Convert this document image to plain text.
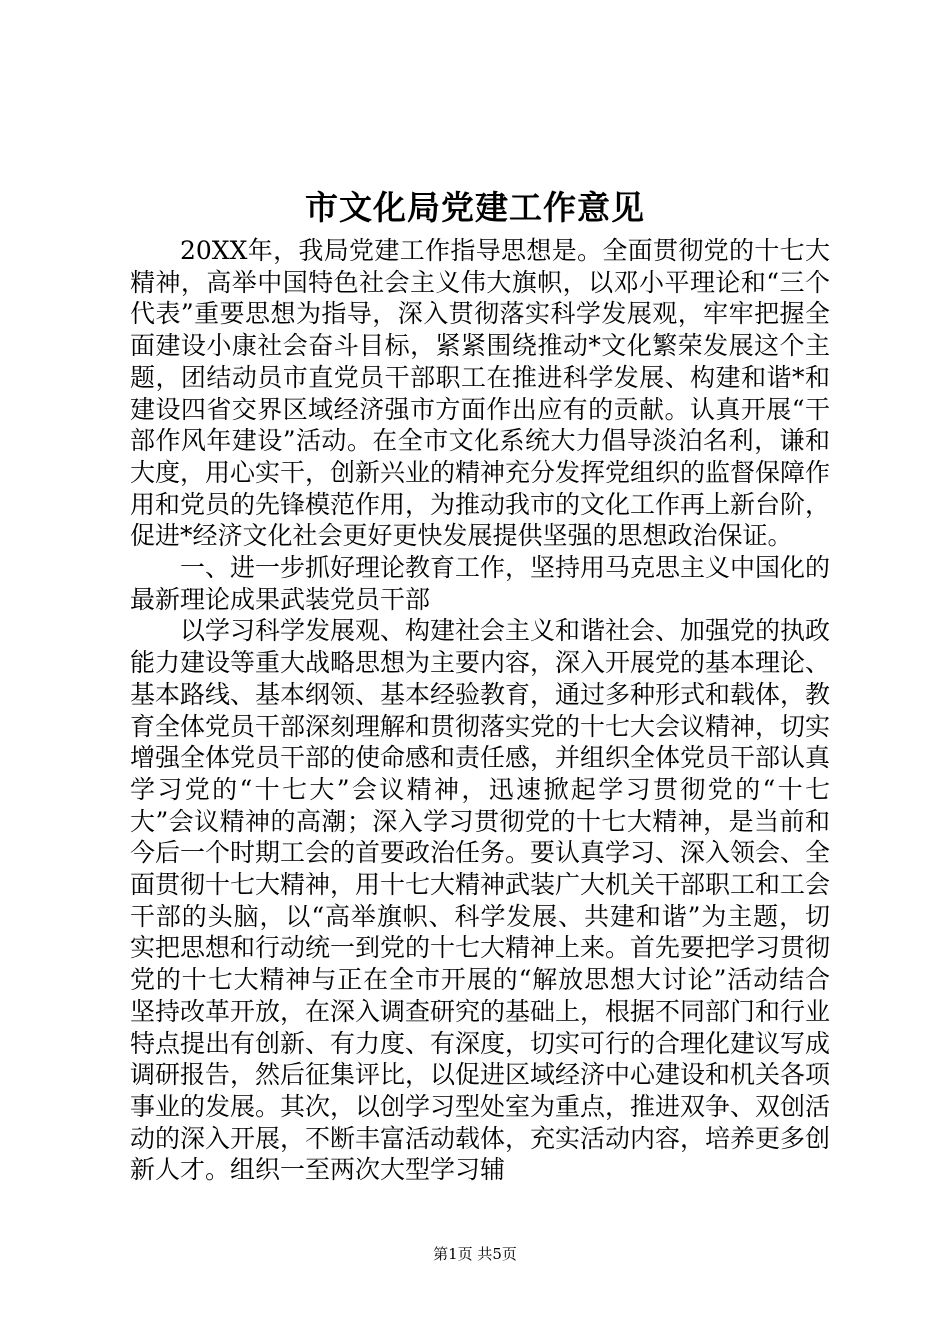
市文化局党建工作意见

20XX年，我局党建工作指导思想是。全面贯彻党的十七大精神，高举中国特色社会主义伟大旗帜，以邓小平理论和“三个代表”重要思想为指导，深入贯彻落实科学发展观，牢牢把握全面建设小康社会奋斗目标，紧紧围绕推动*文化繁荣发展这个主题，团结动员市直党员干部职工在推进科学发展、构建和谐*和建设四省交界区域经济强市方面作出应有的贡献。认真开展“干部作风年建设”活动。在全市文化系统大力倡导淡泊名利，谦和大度，用心实干，创新兴业的精神充分发挥党组织的监督保障作用和党员的先锋模范作用，为推动我市的文化工作再上新台阶，促进*经济文化社会更好更快发展提供坚强的思想政治保证。

一、进一步抓好理论教育工作，坚持用马克思主义中国化的最新理论成果武装党员干部

以学习科学发展观、构建社会主义和谐社会、加强党的执政能力建设等重大战略思想为主要内容，深入开展党的基本理论、基本路线、基本纲领、基本经验教育，通过多种形式和载体，教育全体党员干部深刻理解和贯彻落实党的十七大会议精神，切实增强全体党员干部的使命感和责任感，并组织全体党员干部认真学习党的“十七大”会议精神，迅速掀起学习贯彻党的“十七大”会议精神的高潮；深入学习贯彻党的十七大精神，是当前和今后一个时期工会的首要政治任务。要认真学习、深入领会、全面贯彻十七大精神，用十七大精神武装广大机关干部职工和工会干部的头脑，以“高举旗帜、科学发展、共建和谐”为主题，切实把思想和行动统一到党的十七大精神上来。首先要把学习贯彻党的十七大精神与正在全市开展的“解放思想大讨论”活动结合坚持改革开放，在深入调查研究的基础上，根据不同部门和行业特点提出有创新、有力度、有深度，切实可行的合理化建议写成调研报告，然后征集评比，以促进区域经济中心建设和机关各项事业的发展。其次，以创学习型处室为重点，推进双争、双创活动的深入开展，不断丰富活动载体，充实活动内容，培养更多创新人才。组织一至两次大型学习辅

第1页 共5页
